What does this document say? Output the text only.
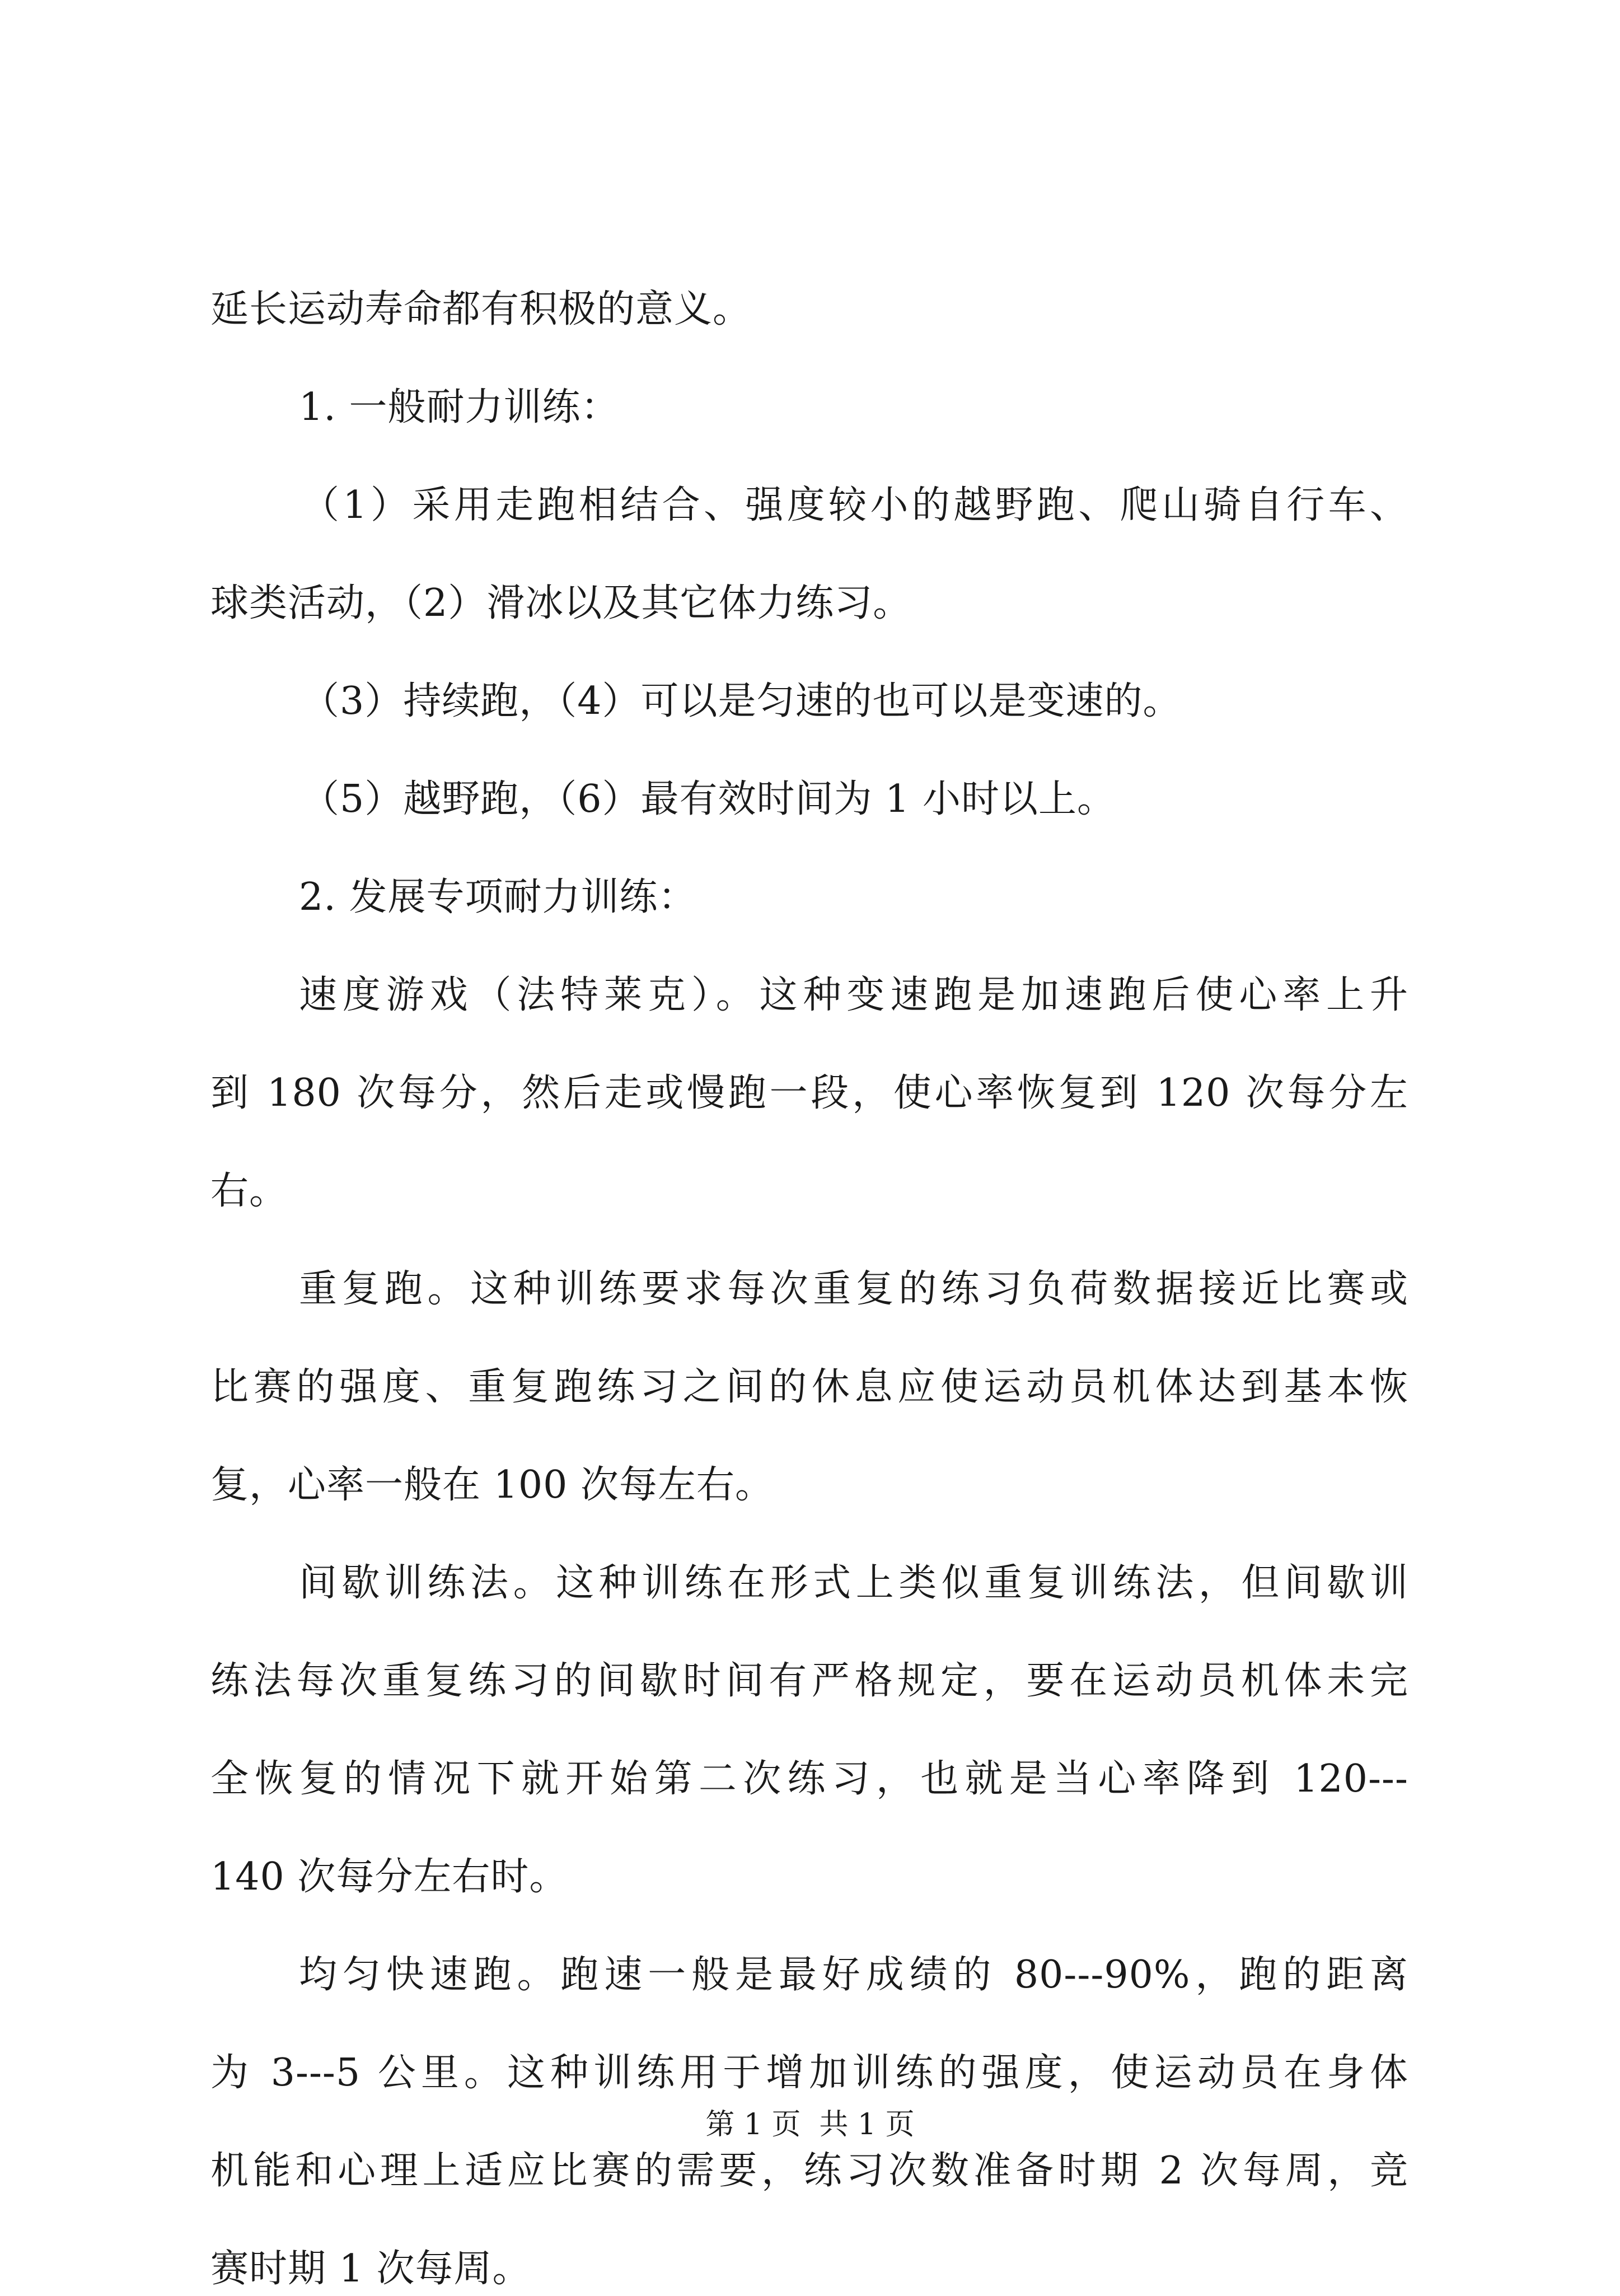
延长运动寿命都有积极的意义。
1. 一般耐力训练：
（1）采用走跑相结合、强度较小的越野跑、爬山骑自行车、
球类活动，（2）滑冰以及其它体力练习。
（3）持续跑，（4）可以是匀速的也可以是变速的。
（5）越野跑，（6）最有效时间为 1 小时以上。
2. 发展专项耐力训练：
速度游戏（法特莱克）。这种变速跑是加速跑后使心率上升
到 180 次每分，然后走或慢跑一段，使心率恢复到 120 次每分左
右。
重复跑。这种训练要求每次重复的练习负荷数据接近比赛或
比赛的强度、重复跑练习之间的休息应使运动员机体达到基本恢
复，心率一般在 100 次每左右。
间歇训练法。这种训练在形式上类似重复训练法，但间歇训
练法每次重复练习的间歇时间有严格规定，要在运动员机体未完
全恢复的情况下就开始第二次练习，也就是当心率降到 120---
140 次每分左右时。
均匀快速跑。跑速一般是最好成绩的 80---90%，跑的距离
为 3---5 公里。这种训练用于增加训练的强度，使运动员在身体
机能和心理上适应比赛的需要，练习次数准备时期 2 次每周，竞
赛时期 1 次每周。
第 1 页  共 1 页
